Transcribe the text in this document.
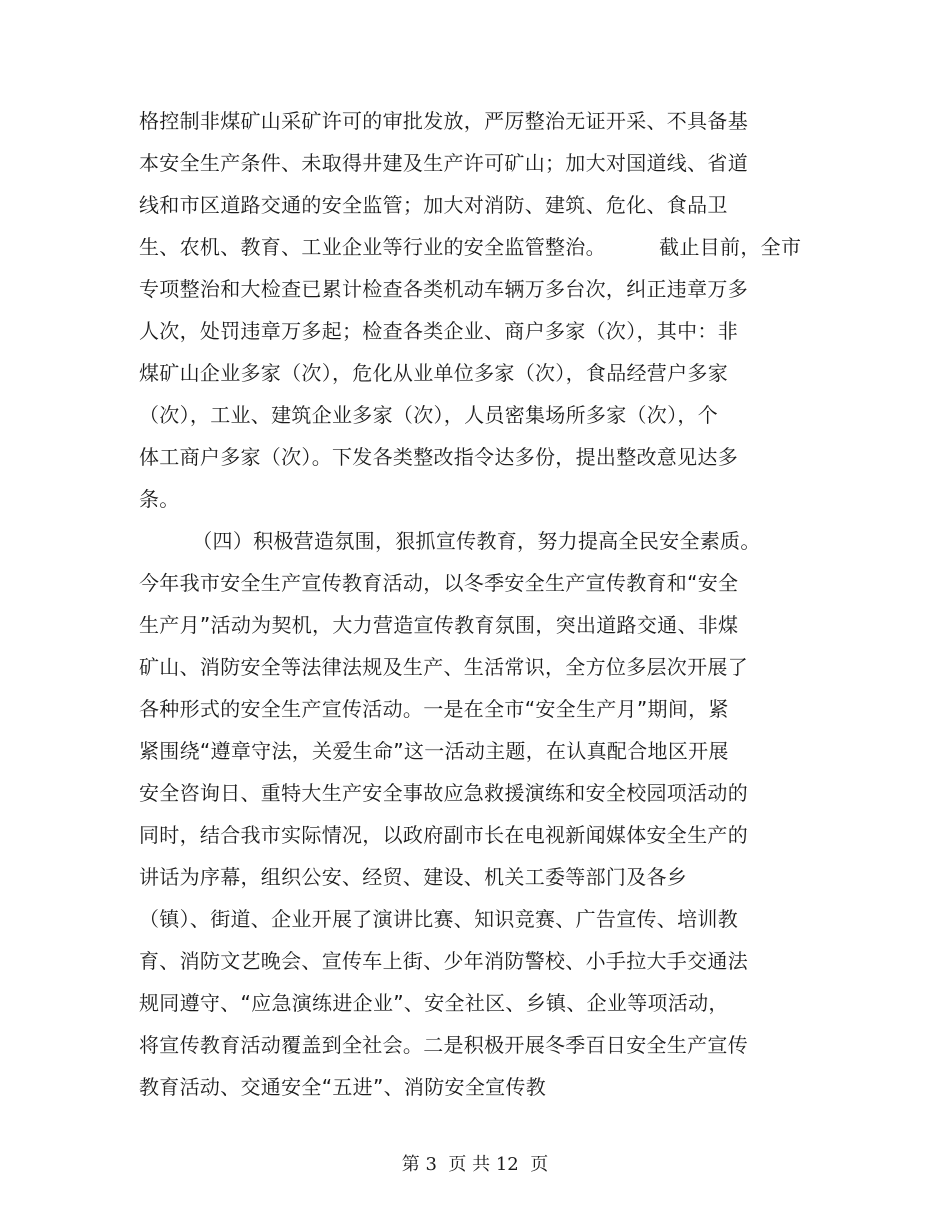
格控制非煤矿山采矿许可的审批发放，严厉整治无证开采、不具备基
本安全生产条件、未取得井建及生产许可矿山；加大对国道线、省道
线和市区道路交通的安全监管；加大对消防、建筑、危化、食品卫
生、农机、教育、工业企业等行业的安全监管整治。        截止目前，全市
专项整治和大检查已累计检查各类机动车辆万多台次，纠正违章万多
人次，处罚违章万多起；检查各类企业、商户多家（次），其中：非
煤矿山企业多家（次），危化从业单位多家（次），食品经营户多家
（次），工业、建筑企业多家（次），人员密集场所多家（次），个
体工商户多家（次）。下发各类整改指令达多份，提出整改意见达多
条。
（四）积极营造氛围，狠抓宣传教育，努力提高全民安全素质。
今年我市安全生产宣传教育活动，以冬季安全生产宣传教育和“安全
生产月”活动为契机，大力营造宣传教育氛围，突出道路交通、非煤
矿山、消防安全等法律法规及生产、生活常识，全方位多层次开展了
各种形式的安全生产宣传活动。一是在全市“安全生产月”期间，紧
紧围绕“遵章守法，关爱生命”这一活动主题，在认真配合地区开展
安全咨询日、重特大生产安全事故应急救援演练和安全校园项活动的
同时，结合我市实际情况，以政府副市长在电视新闻媒体安全生产的
讲话为序幕，组织公安、经贸、建设、机关工委等部门及各乡
（镇）、街道、企业开展了演讲比赛、知识竞赛、广告宣传、培训教
育、消防文艺晚会、宣传车上街、少年消防警校、小手拉大手交通法
规同遵守、“应急演练进企业”、安全社区、乡镇、企业等项活动，
将宣传教育活动覆盖到全社会。二是积极开展冬季百日安全生产宣传
教育活动、交通安全“五进”、消防安全宣传教
第 3  页 共 12  页
